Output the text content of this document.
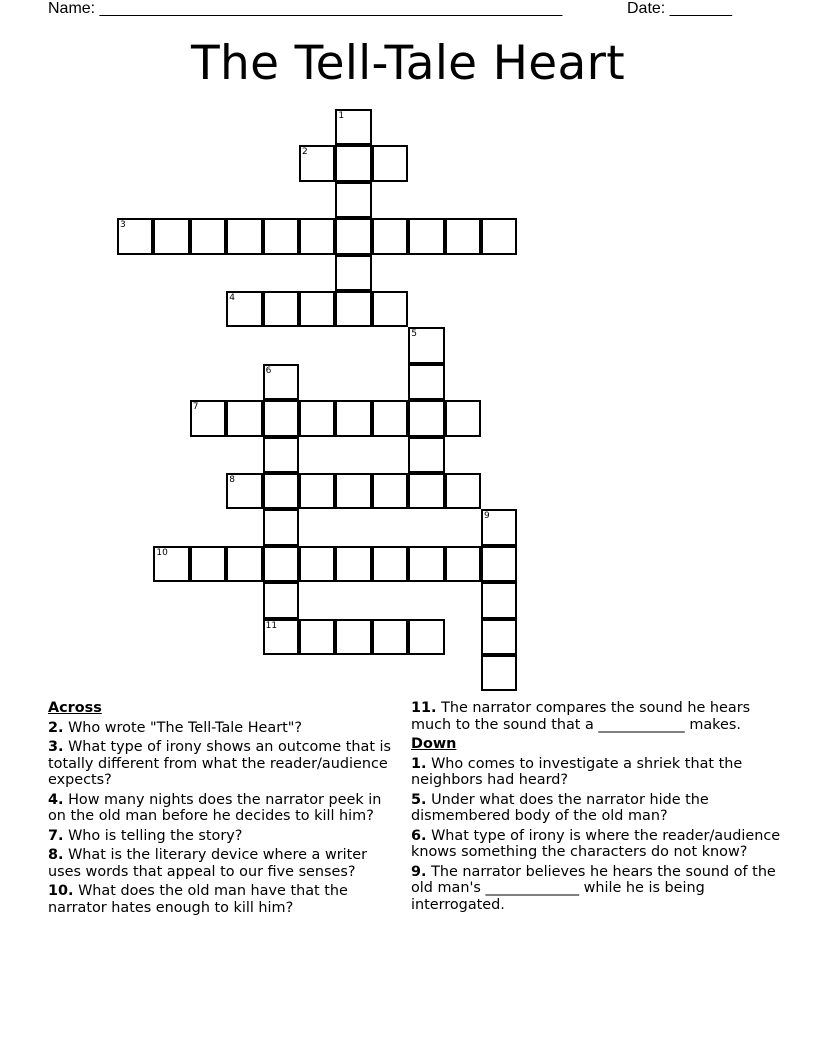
Name: ____________________________________________________	Date: _______
The Tell-Tale Heart
1
2
3
4
5
6
11
7
8
9
10
Across
2. Who wrote "The Tell-Tale Heart"?
3. What type of irony shows an outcome that is totally different from what the reader/audience expects?
4. How many nights does the narrator peek in on the old man before he decides to kill him?
7. Who is telling the story?
8. What is the literary device where a writer uses words that appeal to our five senses?
10. What does the old man have that the narrator hates enough to kill him?
11. The narrator compares the sound he hears much to the sound that a ____________ makes.
Down
1. Who comes to investigate a shriek that the neighbors had heard?
5. Under what does the narrator hide the dismembered body of the old man?
6. What type of irony is where the reader/audience knows something the characters do not know?
9. The narrator believes he hears the sound of the old man's _____________ while he is being interrogated.
